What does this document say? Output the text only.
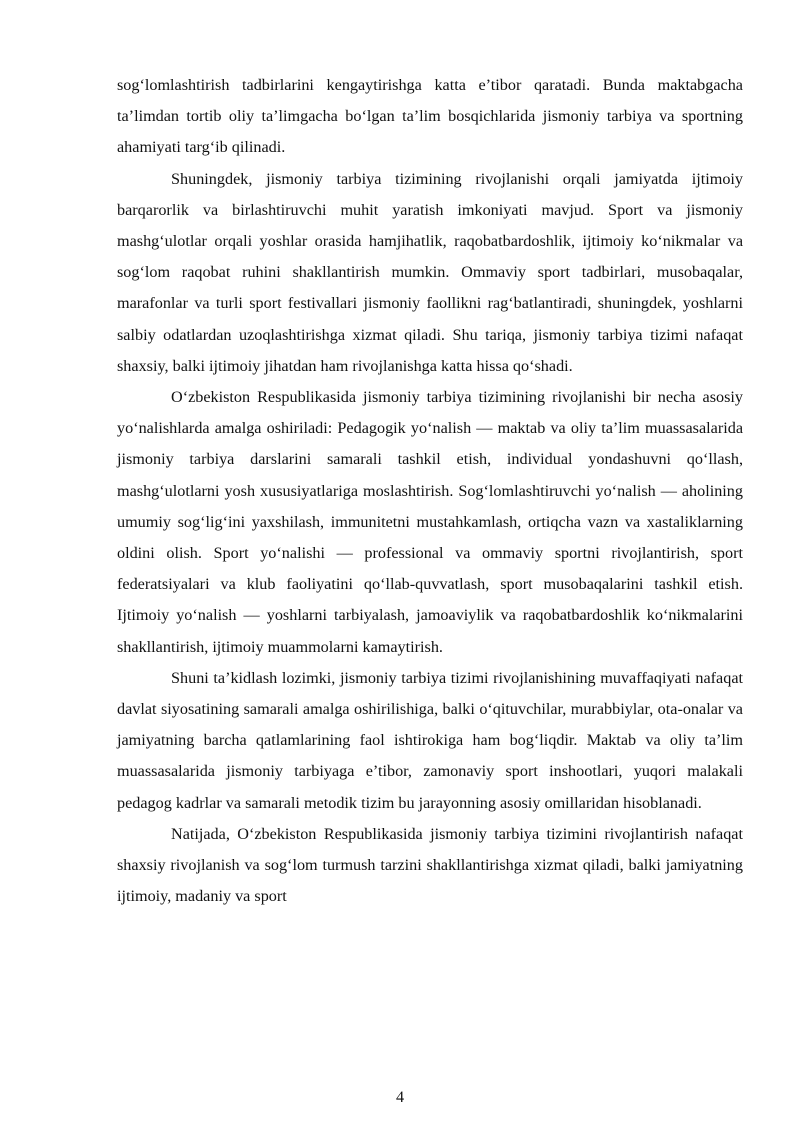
sog‘lomlashtirish tadbirlarini kengaytirishga katta e’tibor qaratadi. Bunda maktabgacha ta’limdan tortib oliy ta’limgacha bo‘lgan ta’lim bosqichlarida jismoniy tarbiya va sportning ahamiyati targ‘ib qilinadi.

Shuningdek, jismoniy tarbiya tizimining rivojlanishi orqali jamiyatda ijtimoiy barqarorlik va birlashtiruvchi muhit yaratish imkoniyati mavjud. Sport va jismoniy mashg‘ulotlar orqali yoshlar orasida hamjihatlik, raqobatbardoshlik, ijtimoiy ko‘nikmalar va sog‘lom raqobat ruhini shakllantirish mumkin. Ommaviy sport tadbirlari, musobaqalar, marafonlar va turli sport festivallari jismoniy faollikni rag‘batlantiradi, shuningdek, yoshlarni salbiy odatlardan uzoqlashtirishga xizmat qiladi. Shu tariqa, jismoniy tarbiya tizimi nafaqat shaxsiy, balki ijtimoiy jihatdan ham rivojlanishga katta hissa qo‘shadi.

O‘zbekiston Respublikasida jismoniy tarbiya tizimining rivojlanishi bir necha asosiy yo‘nalishlarda amalga oshiriladi: Pedagogik yo‘nalish — maktab va oliy ta’lim muassasalarida jismoniy tarbiya darslarini samarali tashkil etish, individual yondashuvni qo‘llash, mashg‘ulotlarni yosh xususiyatlariga moslashtirish. Sog‘lomlashtiruvchi yo‘nalish — aholining umumiy sog‘lig‘ini yaxshilash, immunitetni mustahkamlash, ortiqcha vazn va xastaliklarning oldini olish. Sport yo‘nalishi — professional va ommaviy sportni rivojlantirish, sport federatsiyalari va klub faoliyatini qo‘llab-quvvatlash, sport musobaqalarini tashkil etish. Ijtimoiy yo‘nalish — yoshlarni tarbiyalash, jamoaviylik va raqobatbardoshlik ko‘nikmalarini shakllantirish, ijtimoiy muammolarni kamaytirish.

Shuni ta’kidlash lozimki, jismoniy tarbiya tizimi rivojlanishining muvaffaqiyati nafaqat davlat siyosatining samarali amalga oshirilishiga, balki o‘qituvchilar, murabbiylar, ota-onalar va jamiyatning barcha qatlamlarining faol ishtirokiga ham bog‘liqdir. Maktab va oliy ta’lim muassasalarida jismoniy tarbiyaga e’tibor, zamonaviy sport inshootlari, yuqori malakali pedagog kadrlar va samarali metodik tizim bu jarayonning asosiy omillaridan hisoblanadi.

Natijada, O‘zbekiston Respublikasida jismoniy tarbiya tizimini rivojlantirish nafaqat shaxsiy rivojlanish va sog‘lom turmush tarzini shakllantirishga xizmat qiladi, balki jamiyatning ijtimoiy, madaniy va sport

4
